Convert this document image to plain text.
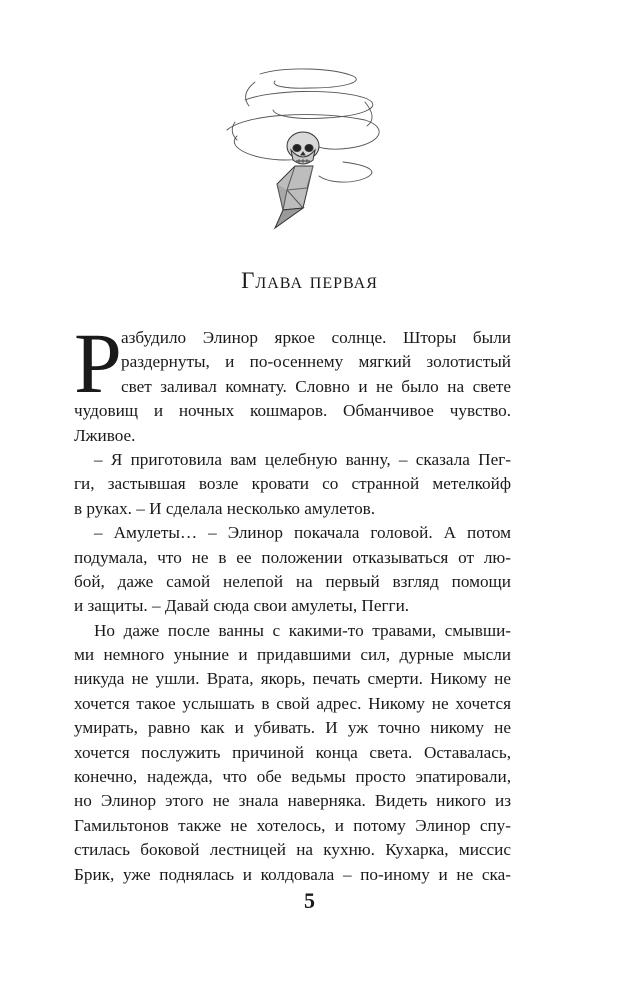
Глава первая
Р азбудило Элинор яркое солнце. Шторы были
раздернуты, и по-осеннему мягкий золотистый
свет заливал комнату. Словно и не было на свете
чудовищ и ночных кошмаров. Обманчивое чувство.
Лживое.
– Я приготовила вам целебную ванну, – сказала Пег-
ги, застывшая возле кровати со странной метелкойф
в руках. – И сделала несколько амулетов.
– Амулеты… – Элинор покачала головой. А потом
подумала, что не в ее положении отказываться от лю-
бой, даже самой нелепой на первый взгляд помощи
и защиты. – Давай сюда свои амулеты, Пегги.
Но даже после ванны с какими-то травами, смывши-
ми немного уныние и придавшими сил, дурные мысли
никуда не ушли. Врата, якорь, печать смерти. Никому не
хочется такое услышать в свой адрес. Никому не хочется
умирать, равно как и убивать. И уж точно никому не
хочется послужить причиной конца света. Оставалась,
конечно, надежда, что обе ведьмы просто эпатировали,
но Элинор этого не знала наверняка. Видеть никого из
Гамильтонов также не хотелось, и потому Элинор спу-
стилась боковой лестницей на кухню. Кухарка, миссис
Брик, уже поднялась и колдовала – по-иному и не ска-
5
